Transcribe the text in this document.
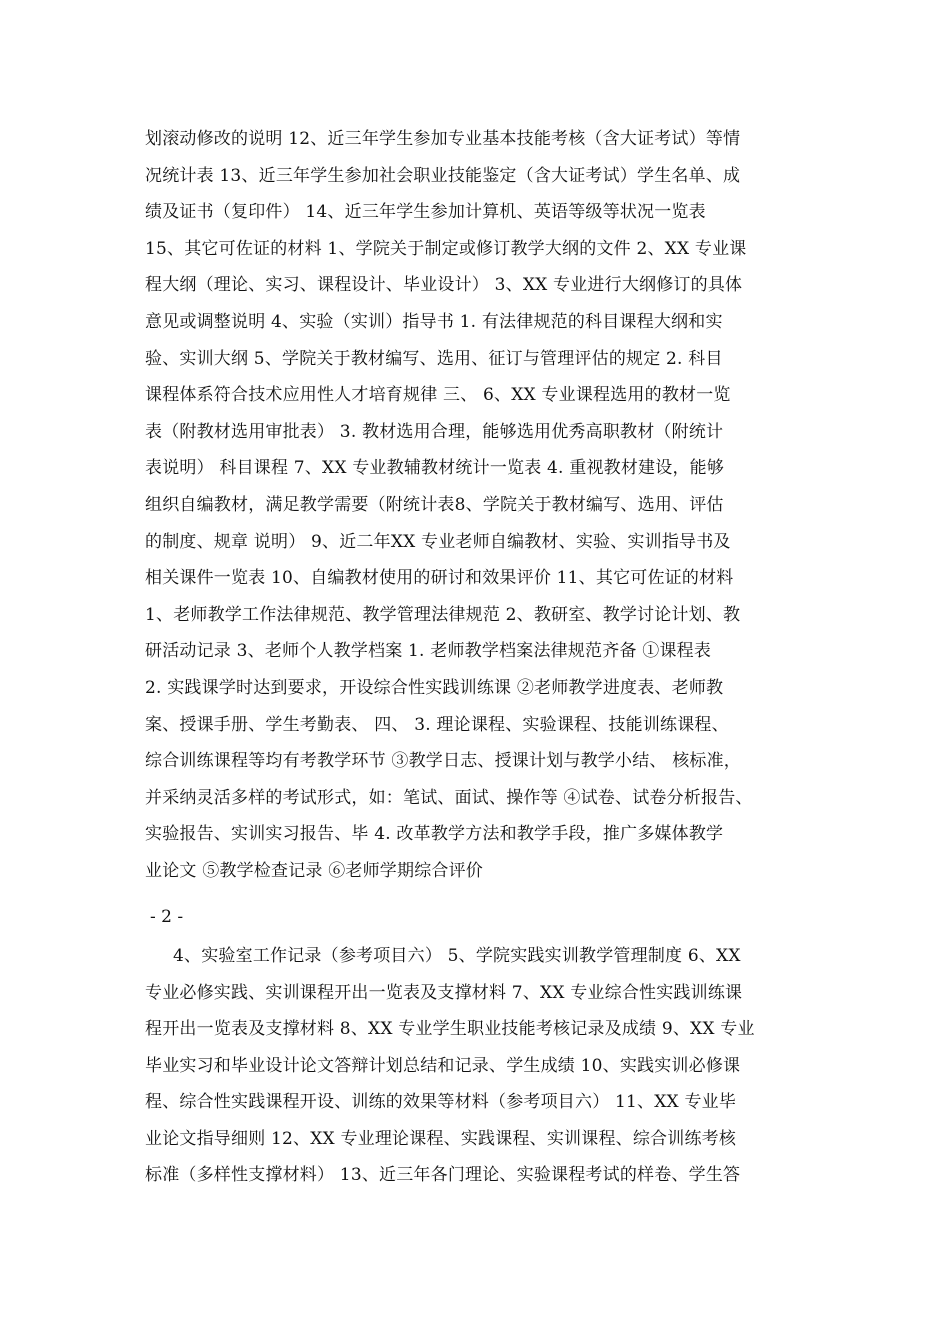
划滚动修改的说明 12、近三年学生参加专业基本技能考核（含大证考试）等情
况统计表 13、近三年学生参加社会职业技能鉴定（含大证考试）学生名单、成
绩及证书（复印件） 14、近三年学生参加计算机、英语等级等状况一览表
15、其它可佐证的材料 1、学院关于制定或修订教学大纲的文件 2、XX 专业课
程大纲（理论、实习、课程设计、毕业设计） 3、XX 专业进行大纲修订的具体
意见或调整说明 4、实验（实训）指导书 1. 有法律规范的科目课程大纲和实
验、实训大纲 5、学院关于教材编写、选用、征订与管理评估的规定 2. 科目
课程体系符合技术应用性人才培育规律 三、 6、XX 专业课程选用的教材一览
表（附教材选用审批表） 3. 教材选用合理，能够选用优秀高职教材（附统计
表说明） 科目课程 7、XX 专业教辅教材统计一览表 4. 重视教材建设，能够
组织自编教材，满足教学需要（附统计表8、学院关于教材编写、选用、评估
的制度、规章 说明） 9、近二年XX 专业老师自编教材、实验、实训指导书及
相关课件一览表 10、自编教材使用的研讨和效果评价 11、其它可佐证的材料
1、老师教学工作法律规范、教学管理法律规范 2、教研室、教学讨论计划、教
研活动记录 3、老师个人教学档案 1. 老师教学档案法律规范齐备 ①课程表
2. 实践课学时达到要求，开设综合性实践训练课 ②老师教学进度表、老师教
案、授课手册、学生考勤表、 四、 3. 理论课程、实验课程、技能训练课程、
综合训练课程等均有考教学环节 ③教学日志、授课计划与教学小结、 核标准，
并采纳灵活多样的考试形式，如：笔试、面试、操作等 ④试卷、试卷分析报告、
实验报告、实训实习报告、毕 4. 改革教学方法和教学手段，推广多媒体教学
业论文 ⑤教学检查记录 ⑥老师学期综合评价
- 2 -
4、实验室工作记录（参考项目六） 5、学院实践实训教学管理制度 6、XX
专业必修实践、实训课程开出一览表及支撑材料 7、XX 专业综合性实践训练课
程开出一览表及支撑材料 8、XX 专业学生职业技能考核记录及成绩 9、XX 专业
毕业实习和毕业设计论文答辩计划总结和记录、学生成绩 10、实践实训必修课
程、综合性实践课程开设、训练的效果等材料（参考项目六） 11、XX 专业毕
业论文指导细则 12、XX 专业理论课程、实践课程、实训课程、综合训练考核
标准（多样性支撑材料） 13、近三年各门理论、实验课程考试的样卷、学生答
